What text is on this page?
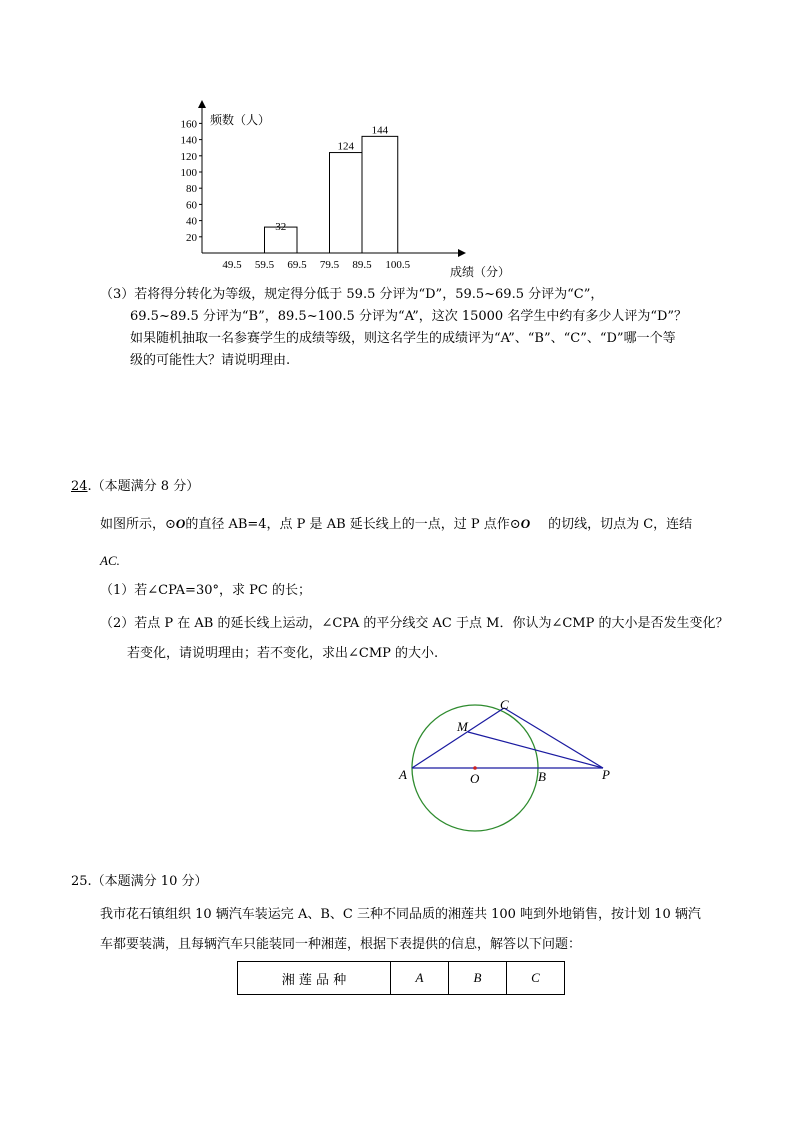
20
40
60
80
100
120
140
160 频数（人）
49.5 59.5 69.5 79.5 89.5 100.5	成绩（分）
32
124
144
（3）若将得分转化为等级，规定得分低于 59.5 分评为“D”，59.5~69.5 分评为“C”，
69.5~89.5 分评为“B”，89.5~100.5 分评为“A”，这次 15000 名学生中约有多少人评为“D”？
如果随机抽取一名参赛学生的成绩等级，则这名学生的成绩评为“A”、“B”、“C”、“D”哪一个等
级的可能性大？请说明理由.
24.（本题满分 8 分）
如图所示，⊙O的直径 AB=4，点 P 是 AB 延长线上的一点，过 P 点作⊙O 的切线，切点为 C，连结
AC.
（1）若∠CPA=30°，求 PC 的长；
（2）若点 P 在 AB 的延长线上运动，∠CPA 的平分线交 AC 于点 M．你认为∠CMP 的大小是否发生变化？
若变化，请说明理由；若不变化，求出∠CMP 的大小.
A	O	B	P
M
C
25.（本题满分 10 分）
我市花石镇组织 10 辆汽车装运完 A、B、C 三种不同品质的湘莲共 100 吨到外地销售，按计划 10 辆汽
车都要装满，且每辆汽车只能装同一种湘莲，根据下表提供的信息，解答以下问题：
湘 莲 品 种	A	B	C
